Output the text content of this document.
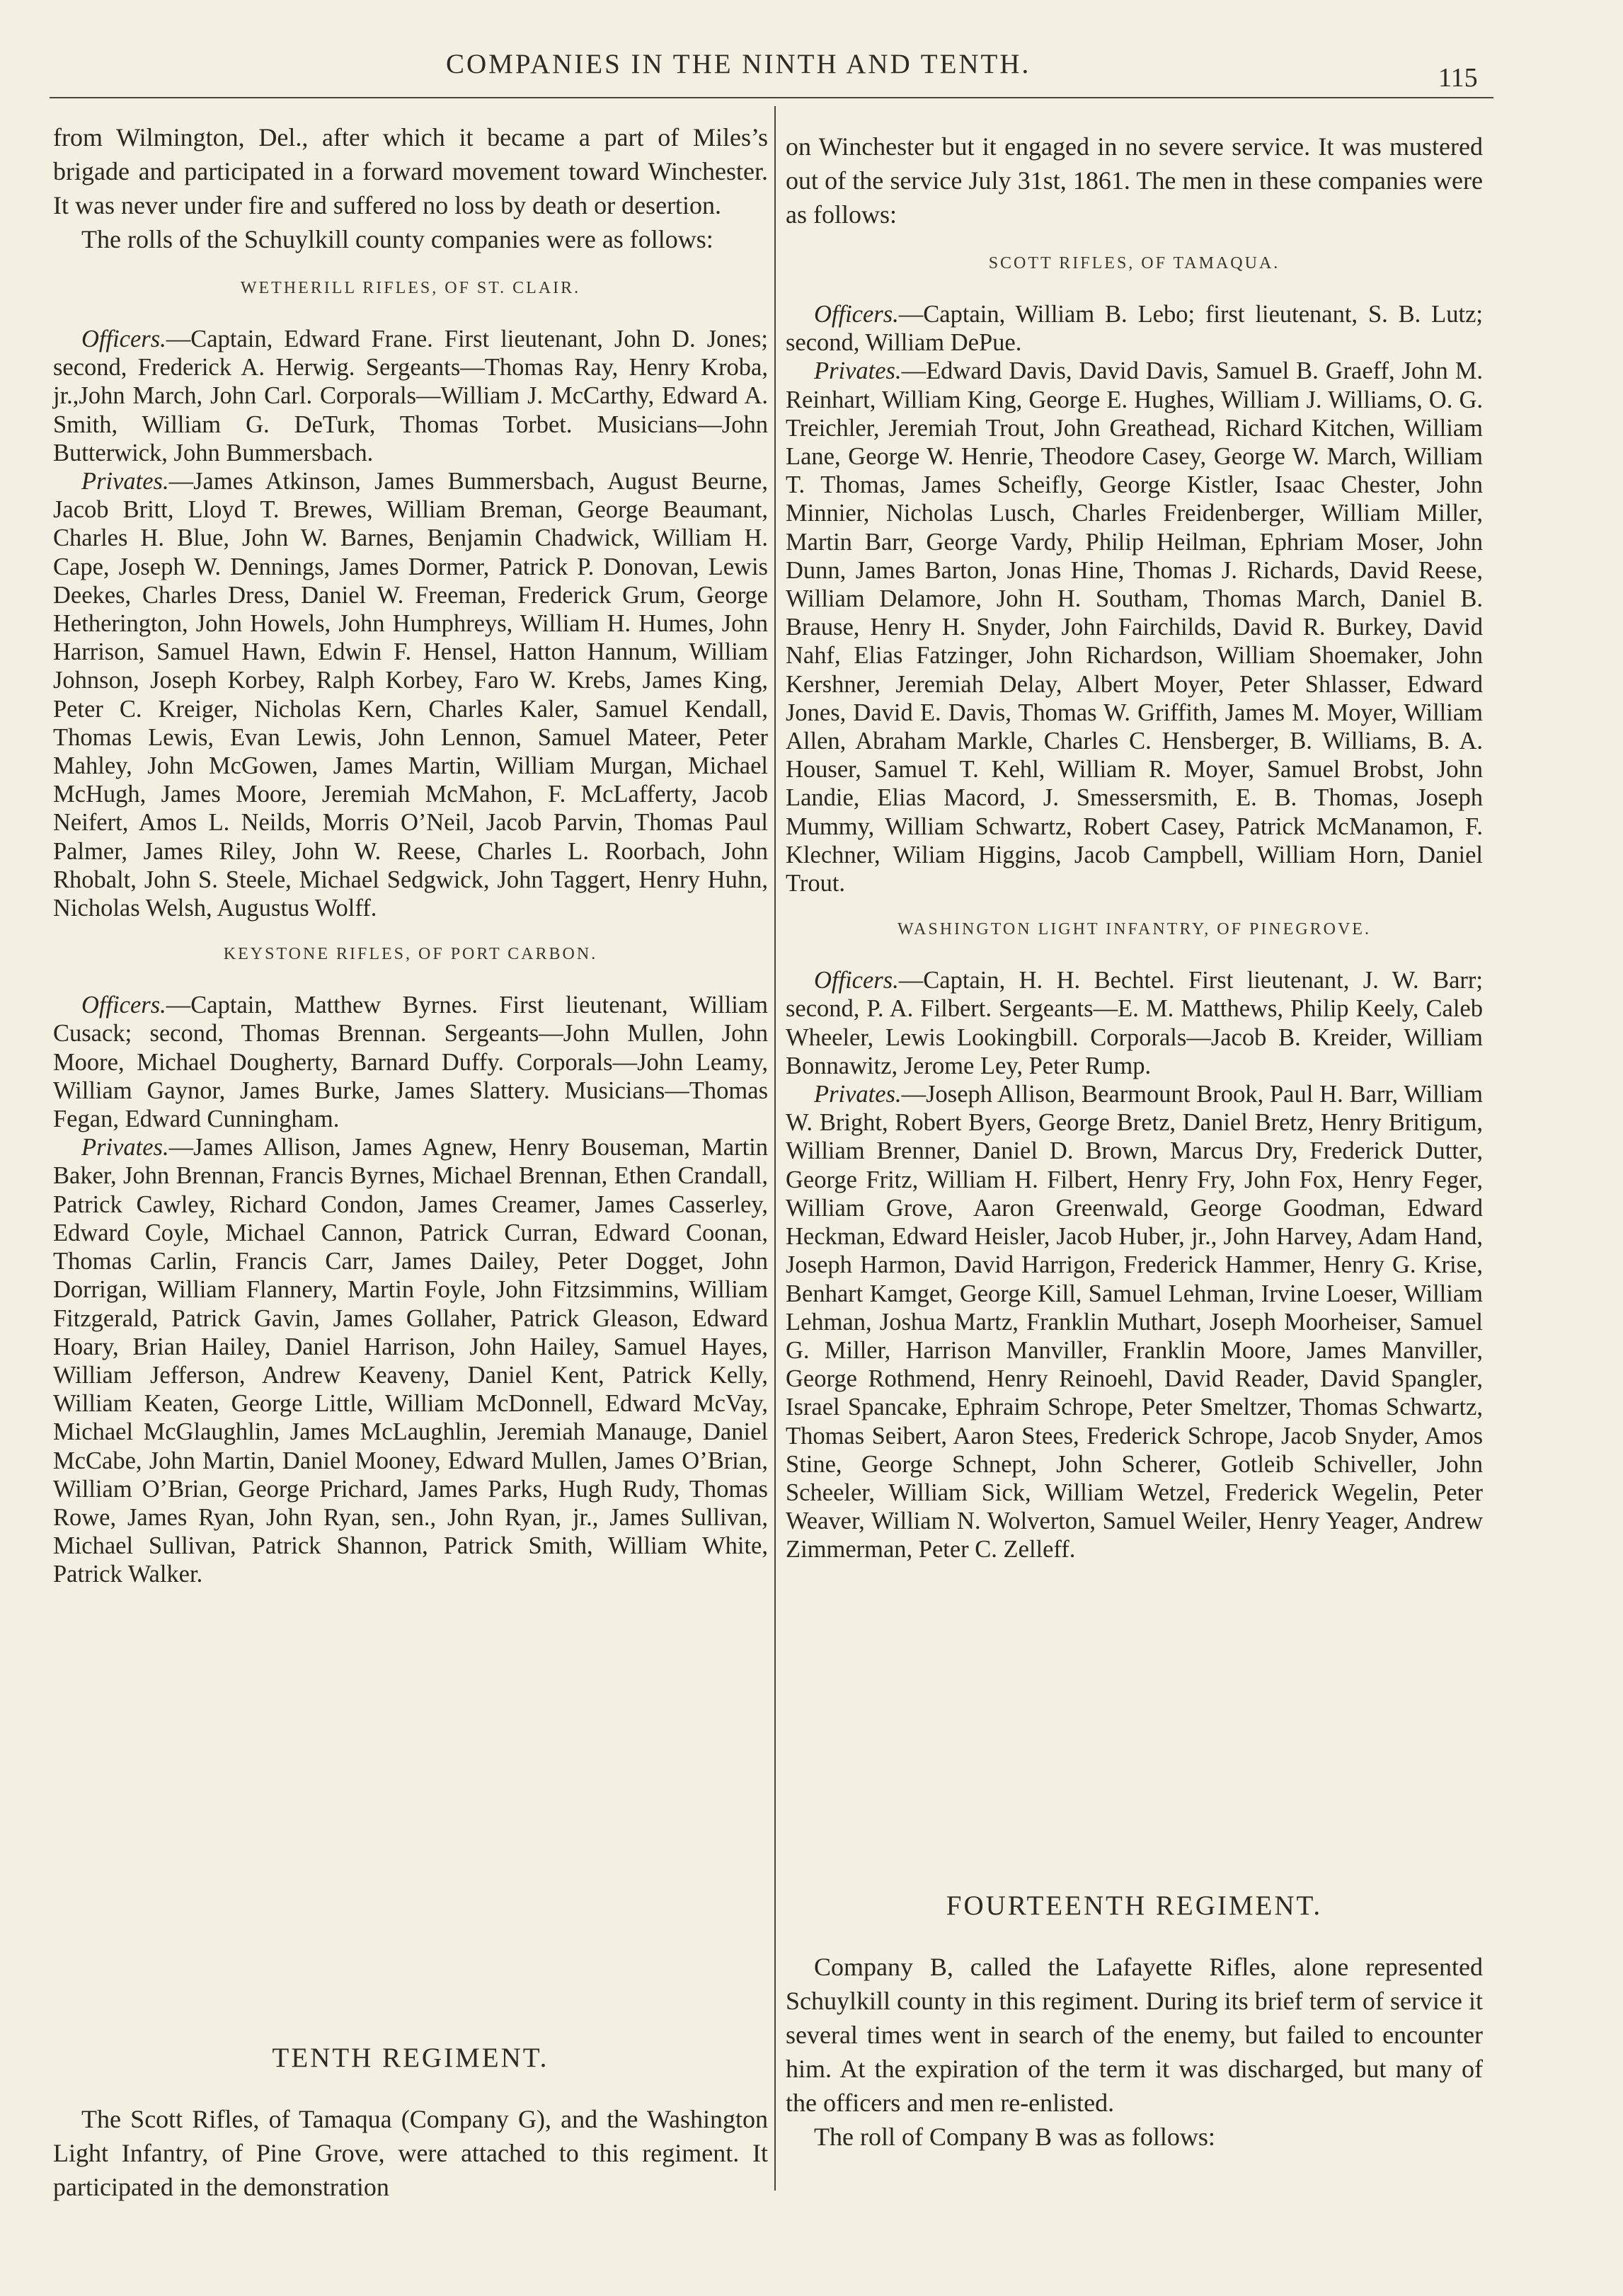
COMPANIES IN THE NINTH AND TENTH.	115

from Wilmington, Del., after which it became a part of Miles’s brigade and participated in a forward movement toward Winchester. It was never under fire and suffered no loss by death or desertion.

The rolls of the Schuylkill county companies were as follows:

WETHERILL RIFLES, OF ST. CLAIR.

Officers.—Captain, Edward Frane. First lieutenant, John D. Jones; second, Frederick A. Herwig. Sergeants—Thomas Ray, Henry Kroba, jr.,John March, John Carl. Corporals—William J. McCarthy, Edward A. Smith, William G. DeTurk, Thomas Torbet. Musicians—John Butterwick, John Bummersbach.

Privates.—James Atkinson, James Bummersbach, August Beurne, Jacob Britt, Lloyd T. Brewes, William Breman, George Beaumant, Charles H. Blue, John W. Barnes, Benjamin Chadwick, William H. Cape, Joseph W. Dennings, James Dormer, Patrick P. Donovan, Lewis Deekes, Charles Dress, Daniel W. Freeman, Frederick Grum, George Hetherington, John Howels, John Humphreys, William H. Humes, John Harrison, Samuel Hawn, Edwin F. Hensel, Hatton Hannum, William Johnson, Joseph Korbey, Ralph Korbey, Faro W. Krebs, James King, Peter C. Kreiger, Nicholas Kern, Charles Kaler, Samuel Kendall, Thomas Lewis, Evan Lewis, John Lennon, Samuel Mateer, Peter Mahley, John McGowen, James Martin, William Murgan, Michael McHugh, James Moore, Jeremiah McMahon, F. McLafferty, Jacob Neifert, Amos L. Neilds, Morris O’Neil, Jacob Parvin, Thomas Paul Palmer, James Riley, John W. Reese, Charles L. Roorbach, John Rhobalt, John S. Steele, Michael Sedgwick, John Taggert, Henry Huhn, Nicholas Welsh, Augustus Wolff.

KEYSTONE RIFLES, OF PORT CARBON.

Officers.—Captain, Matthew Byrnes. First lieutenant, William Cusack; second, Thomas Brennan. Sergeants—John Mullen, John Moore, Michael Dougherty, Barnard Duffy. Corporals—John Leamy, William Gaynor, James Burke, James Slattery. Musicians—Thomas Fegan, Edward Cunningham.

Privates.—James Allison, James Agnew, Henry Bouseman, Martin Baker, John Brennan, Francis Byrnes, Michael Brennan, Ethen Crandall, Patrick Cawley, Richard Condon, James Creamer, James Casserley, Edward Coyle, Michael Cannon, Patrick Curran, Edward Coonan, Thomas Carlin, Francis Carr, James Dailey, Peter Dogget, John Dorrigan, William Flannery, Martin Foyle, John Fitzsimmins, William Fitzgerald, Patrick Gavin, James Gollaher, Patrick Gleason, Edward Hoary, Brian Hailey, Daniel Harrison, John Hailey, Samuel Hayes, William Jefferson, Andrew Keaveny, Daniel Kent, Patrick Kelly, William Keaten, George Little, William McDonnell, Edward McVay, Michael McGlaughlin, James McLaughlin, Jeremiah Manauge, Daniel McCabe, John Martin, Daniel Mooney, Edward Mullen, James O’Brian, William O’Brian, George Prichard, James Parks, Hugh Rudy, Thomas Rowe, James Ryan, John Ryan, sen., John Ryan, jr., James Sullivan, Michael Sullivan, Patrick Shannon, Patrick Smith, William White, Patrick Walker.

TENTH REGIMENT.

The Scott Rifles, of Tamaqua (Company G), and the Washington Light Infantry, of Pine Grove, were attached to this regiment. It participated in the demonstration

on Winchester but it engaged in no severe service. It was mustered out of the service July 31st, 1861. The men in these companies were as follows:

SCOTT RIFLES, OF TAMAQUA.

Officers.—Captain, William B. Lebo; first lieutenant, S. B. Lutz; second, William DePue.

Privates.—Edward Davis, David Davis, Samuel B. Graeff, John M. Reinhart, William King, George E. Hughes, William J. Williams, O. G. Treichler, Jeremiah Trout, John Greathead, Richard Kitchen, William Lane, George W. Henrie, Theodore Casey, George W. March, William T. Thomas, James Scheifly, George Kistler, Isaac Chester, John Minnier, Nicholas Lusch, Charles Freidenberger, William Miller, Martin Barr, George Vardy, Philip Heilman, Ephriam Moser, John Dunn, James Barton, Jonas Hine, Thomas J. Richards, David Reese, William Delamore, John H. Southam, Thomas March, Daniel B. Brause, Henry H. Snyder, John Fairchilds, David R. Burkey, David Nahf, Elias Fatzinger, John Richardson, William Shoemaker, John Kershner, Jeremiah Delay, Albert Moyer, Peter Shlasser, Edward Jones, David E. Davis, Thomas W. Griffith, James M. Moyer, William Allen, Abraham Markle, Charles C. Hensberger, B. Williams, B. A. Houser, Samuel T. Kehl, William R. Moyer, Samuel Brobst, John Landie, Elias Macord, J. Smessersmith, E. B. Thomas, Joseph Mummy, William Schwartz, Robert Casey, Patrick McManamon, F. Klechner, Wiliam Higgins, Jacob Campbell, William Horn, Daniel Trout.

WASHINGTON LIGHT INFANTRY, OF PINEGROVE.

Officers.—Captain, H. H. Bechtel. First lieutenant, J. W. Barr; second, P. A. Filbert. Sergeants—E. M. Matthews, Philip Keely, Caleb Wheeler, Lewis Lookingbill. Corporals—Jacob B. Kreider, William Bonnawitz, Jerome Ley, Peter Rump.

Privates.—Joseph Allison, Bearmount Brook, Paul H. Barr, William W. Bright, Robert Byers, George Bretz, Daniel Bretz, Henry Britigum, William Brenner, Daniel D. Brown, Marcus Dry, Frederick Dutter, George Fritz, William H. Filbert, Henry Fry, John Fox, Henry Feger, William Grove, Aaron Greenwald, George Goodman, Edward Heckman, Edward Heisler, Jacob Huber, jr., John Harvey, Adam Hand, Joseph Harmon, David Harrigon, Frederick Hammer, Henry G. Krise, Benhart Kamget, George Kill, Samuel Lehman, Irvine Loeser, William Lehman, Joshua Martz, Franklin Muthart, Joseph Moorheiser, Samuel G. Miller, Harrison Manviller, Franklin Moore, James Manviller, George Rothmend, Henry Reinoehl, David Reader, David Spangler, Israel Spancake, Ephraim Schrope, Peter Smeltzer, Thomas Schwartz, Thomas Seibert, Aaron Stees, Frederick Schrope, Jacob Snyder, Amos Stine, George Schnept, John Scherer, Gotleib Schiveller, John Scheeler, William Sick, William Wetzel, Frederick Wegelin, Peter Weaver, William N. Wolverton, Samuel Weiler, Henry Yeager, Andrew Zimmerman, Peter C. Zelleff.

FOURTEENTH REGIMENT.

Company B, called the Lafayette Rifles, alone represented Schuylkill county in this regiment. During its brief term of service it several times went in search of the enemy, but failed to encounter him. At the expiration of the term it was discharged, but many of the officers and men re-enlisted.

The roll of Company B was as follows:
